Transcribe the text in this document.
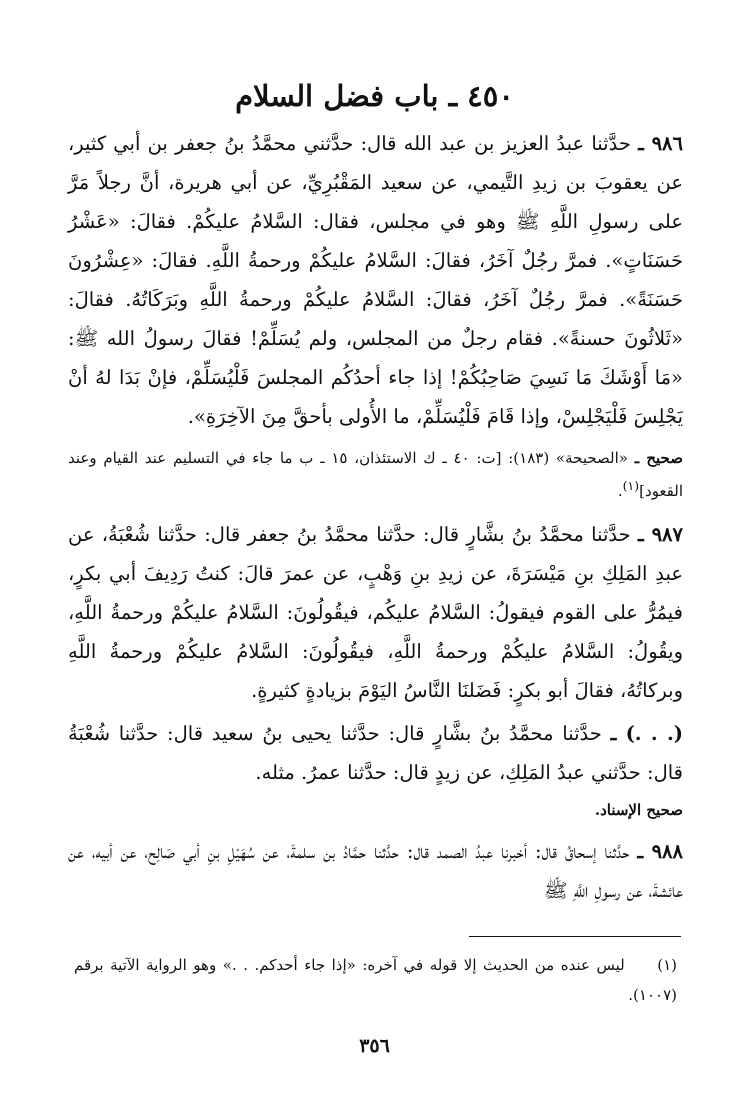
٤٥٠ ـ باب فضل السلام

٩٨٦ ـ حدَّثنا عبدُ العزيز بن عبد الله قال: حدَّثني محمَّدُ بنُ جعفر بن أبي كثير، عن يعقوبَ بن زيدِ التَّيمي، عن سعيد المَقْبُرِيِّ، عن أبي هريرة، أنَّ رجلاً مَرَّ على رسولِ اللَّهِ ﷺ وهو في مجلس، فقال: السَّلامُ عليكُمْ. فقالَ: «عَشْرُ حَسَنَاتٍ». فمرَّ رجُلٌ آخَرُ، فقالَ: السَّلامُ عليكُمْ ورحمةُ اللَّهِ. فقالَ: «عِشْرُونَ حَسَنَةً». فمرَّ رجُلٌ آخَرُ، فقالَ: السَّلامُ عليكُمْ ورحمةُ اللَّهِ وبَرَكَاتُهُ. فقالَ: «ثَلاثُونَ حسنةً». فقام رجلٌ من المجلس، ولم يُسَلِّمْ! فقالَ رسولُ الله ﷺ: «مَا أَوْشَكَ مَا نَسِيَ صَاحِبُكُمْ! إذا جاء أحدُكُم المجلسَ فَلْيُسَلِّمْ، فإنْ بَدَا لهُ أنْ يَجْلِسَ فَلْيَجْلِسْ، وإذا قَامَ فَلْيُسَلِّمْ، ما الأُولى بأحقَّ مِنَ الآخِرَةِ».

صحيح ـ «الصحيحة» (١٨٣): [ت: ٤٠ ـ ك الاستئذان، ١٥ ـ ب ما جاء في التسليم عند القيام وعند القعود]$^{(١)}$.

٩٨٧ ـ حدَّثنا محمَّدُ بنُ بشَّارٍ قال: حدَّثنا محمَّدُ بنُ جعفر قال: حدَّثنا شُعْبَةُ، عن عبدِ المَلِكِ بنِ مَيْسَرَةَ، عن زيدِ بنِ وَهْبٍ، عن عمرَ قالَ: كنتُ رَدِيفَ أبي بكرٍ، فيمُرُّ على القوم فيقولُ: السَّلامُ عليكُم، فيقُولُونَ: السَّلامُ عليكُمْ ورحمةُ اللَّهِ، ويقُولُ: السَّلامُ عليكُمْ ورحمةُ اللَّهِ، فيقُولُونَ: السَّلامُ عليكُمْ ورحمةُ اللَّهِ وبركاتُهُ، فقالَ أبو بكرٍ: فَضَلنَا النَّاسُ اليَوْمَ بزيادةٍ كثيرةٍ.

(. . .) ـ حدَّثنا محمَّدُ بنُ بشَّارٍ قال: حدَّثنا يحيى بنُ سعيد قال: حدَّثنا شُعْبَةُ قال: حدَّثني عبدُ المَلِكِ، عن زيدٍ قال: حدَّثنا عمرُ. مثله.

صحيح الإسناد.

٩٨٨ ـ حدَّثنا إسحاقُ قال: أخبرنا عبدُ الصمد قال: حدَّثنا حمَّادُ بن سلمةَ، عن سُهَيْلِ بنِ أبي صَالِح، عن أبيه، عن عائشةَ، عن رسولِ اللَّهِ ﷺ

(١) ليس عنده من الحديث إلا قوله في آخره: «إذا جاء أحدكم. . .» وهو الرواية الآتية برقم (١٠٠٧).
٣٥٦
